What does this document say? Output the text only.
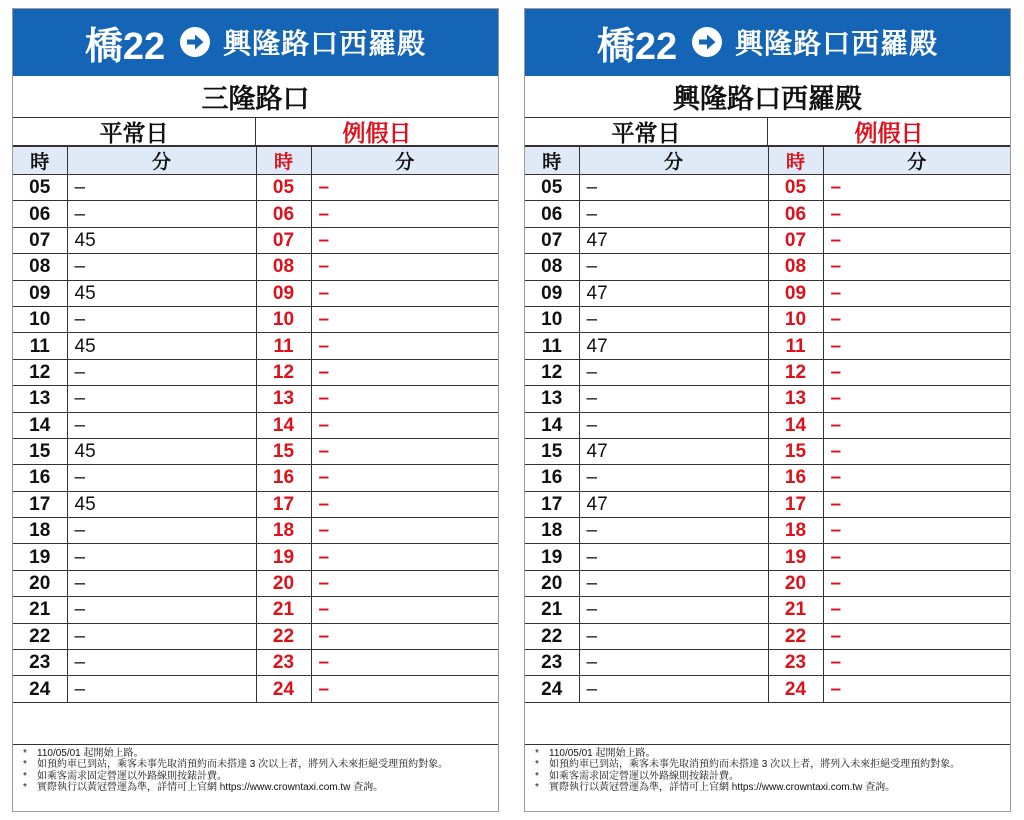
橋22 興隆路口西羅殿
三隆路口
平常日	例假日
時	分	時	分
05	–	05	–
06	–	06	–
07	45	07	–
08	–	08	–
09	45	09	–
10	–	10	–
11	45	11	–
12	–	12	–
13	–	13	–
14	–	14	–
15	45	15	–
16	–	16	–
17	45	17	–
18	–	18	–
19	–	19	–
20	–	20	–
21	–	21	–
22	–	22	–
23	–	23	–
24	–	24	–
*	110/05/01 起開始上路。
*	如預約車已到站，乘客未事先取消預約而未搭達 3 次以上者，將列入未來拒絕受理預約對象。
*	如乘客需求固定營運以外路線則按錶計費。
*	實際執行以黃冠營運為準，詳情可上官網 https://www.crowntaxi.com.tw 查詢。
橋22 興隆路口西羅殿
興隆路口西羅殿
平常日	例假日
時	分	時	分
05	–	05	–
06	–	06	–
07	47	07	–
08	–	08	–
09	47	09	–
10	–	10	–
11	47	11	–
12	–	12	–
13	–	13	–
14	–	14	–
15	47	15	–
16	–	16	–
17	47	17	–
18	–	18	–
19	–	19	–
20	–	20	–
21	–	21	–
22	–	22	–
23	–	23	–
24	–	24	–
*	110/05/01 起開始上路。
*	如預約車已到站，乘客未事先取消預約而未搭達 3 次以上者，將列入未來拒絕受理預約對象。
*	如乘客需求固定營運以外路線則按錶計費。
*	實際執行以黃冠營運為準，詳情可上官網 https://www.crowntaxi.com.tw 查詢。
